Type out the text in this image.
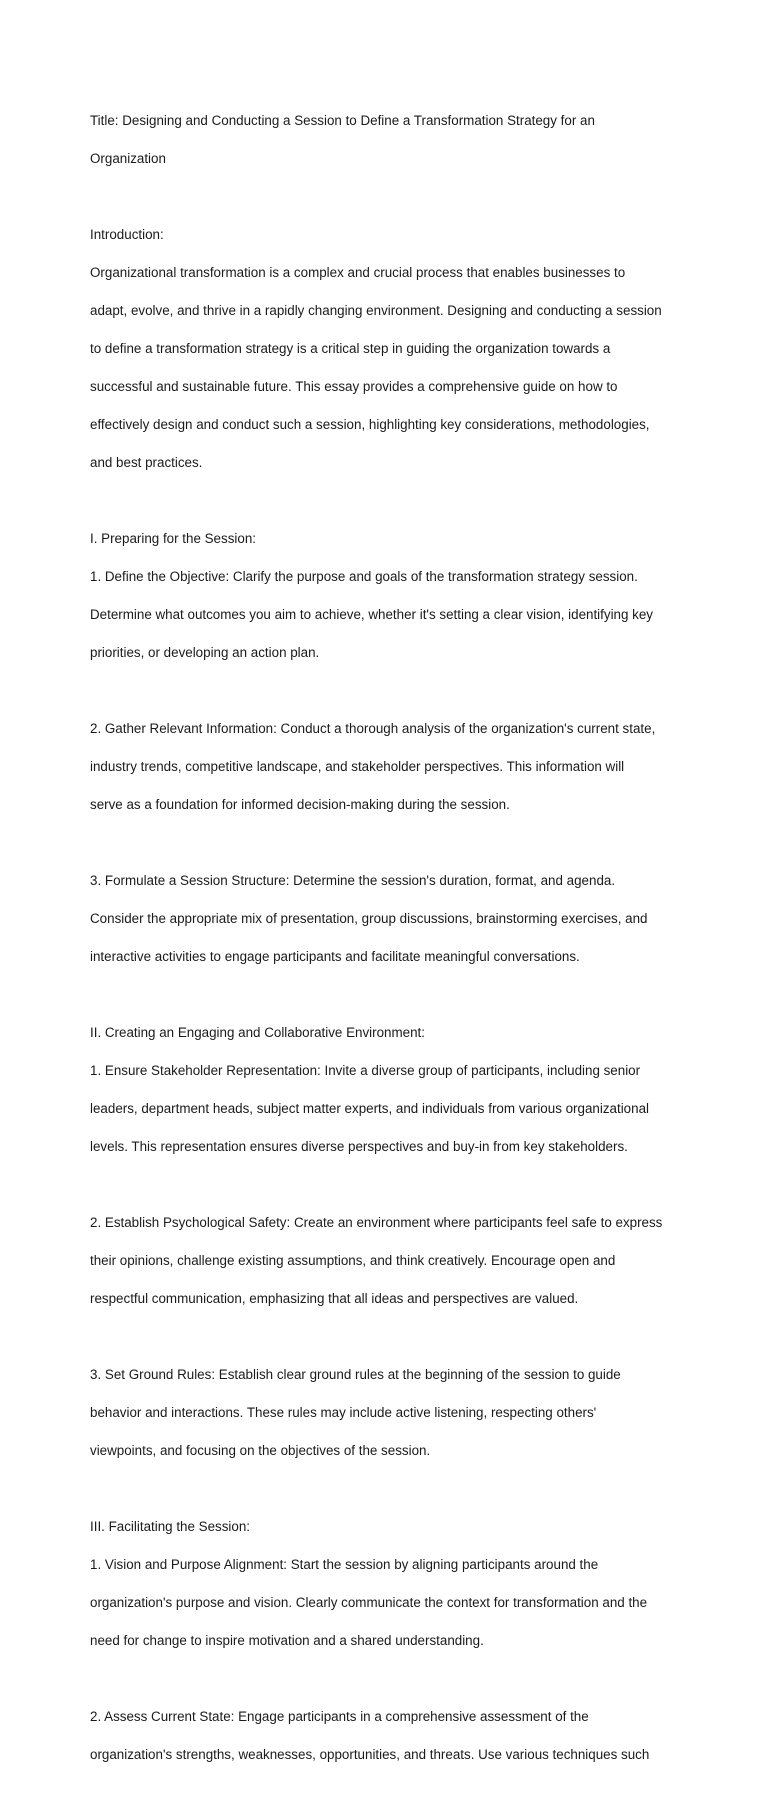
Title: Designing and Conducting a Session to Define a Transformation Strategy for an

Organization

Introduction:

Organizational transformation is a complex and crucial process that enables businesses to

adapt, evolve, and thrive in a rapidly changing environment. Designing and conducting a session

to define a transformation strategy is a critical step in guiding the organization towards a

successful and sustainable future. This essay provides a comprehensive guide on how to

effectively design and conduct such a session, highlighting key considerations, methodologies,

and best practices.

I. Preparing for the Session:

1. Define the Objective: Clarify the purpose and goals of the transformation strategy session.

Determine what outcomes you aim to achieve, whether it's setting a clear vision, identifying key

priorities, or developing an action plan.

2. Gather Relevant Information: Conduct a thorough analysis of the organization's current state,

industry trends, competitive landscape, and stakeholder perspectives. This information will

serve as a foundation for informed decision-making during the session.

3. Formulate a Session Structure: Determine the session's duration, format, and agenda.

Consider the appropriate mix of presentation, group discussions, brainstorming exercises, and

interactive activities to engage participants and facilitate meaningful conversations.

II. Creating an Engaging and Collaborative Environment:

1. Ensure Stakeholder Representation: Invite a diverse group of participants, including senior

leaders, department heads, subject matter experts, and individuals from various organizational

levels. This representation ensures diverse perspectives and buy-in from key stakeholders.

2. Establish Psychological Safety: Create an environment where participants feel safe to express

their opinions, challenge existing assumptions, and think creatively. Encourage open and

respectful communication, emphasizing that all ideas and perspectives are valued.

3. Set Ground Rules: Establish clear ground rules at the beginning of the session to guide

behavior and interactions. These rules may include active listening, respecting others'

viewpoints, and focusing on the objectives of the session.

III. Facilitating the Session:

1. Vision and Purpose Alignment: Start the session by aligning participants around the

organization's purpose and vision. Clearly communicate the context for transformation and the

need for change to inspire motivation and a shared understanding.

2. Assess Current State: Engage participants in a comprehensive assessment of the

organization's strengths, weaknesses, opportunities, and threats. Use various techniques such
